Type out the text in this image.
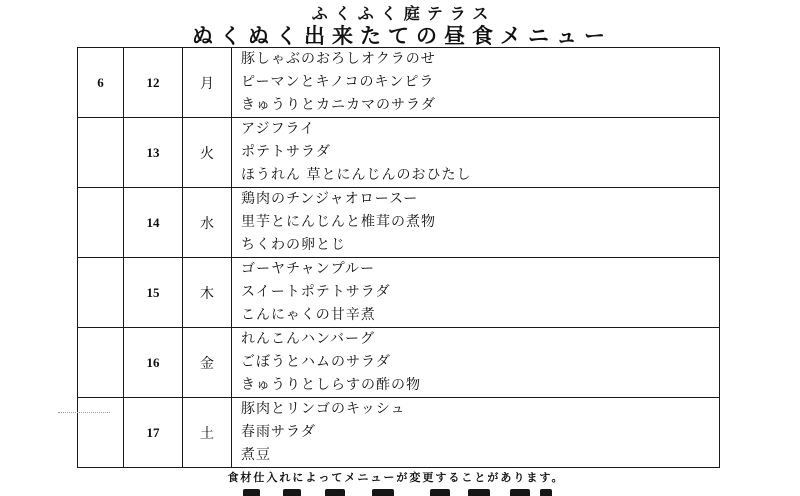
ふくふく庭テラス
ぬくぬく出来たての昼食メニュー
6	12	月	豚しゃぶのおろしオクラのせ
ピーマンとキノコのキンピラ
きゅうりとカニカマのサラダ

	13	火	アジフライ
ポテトサラダ
ほうれん 草とにんじんのおひたし

	14	水	鶏肉のチンジャオロースー
里芋とにんじんと椎茸の煮物
ちくわの卵とじ

	15	木	ゴーヤチャンプルー
スイートポテトサラダ
こんにゃくの甘辛煮

	16	金	れんこんハンバーグ
ごぼうとハムのサラダ
きゅうりとしらすの酢の物

	17	土	豚肉とリンゴのキッシュ
春雨サラダ
煮豆
食材仕入れによってメニューが変更することがあります。
